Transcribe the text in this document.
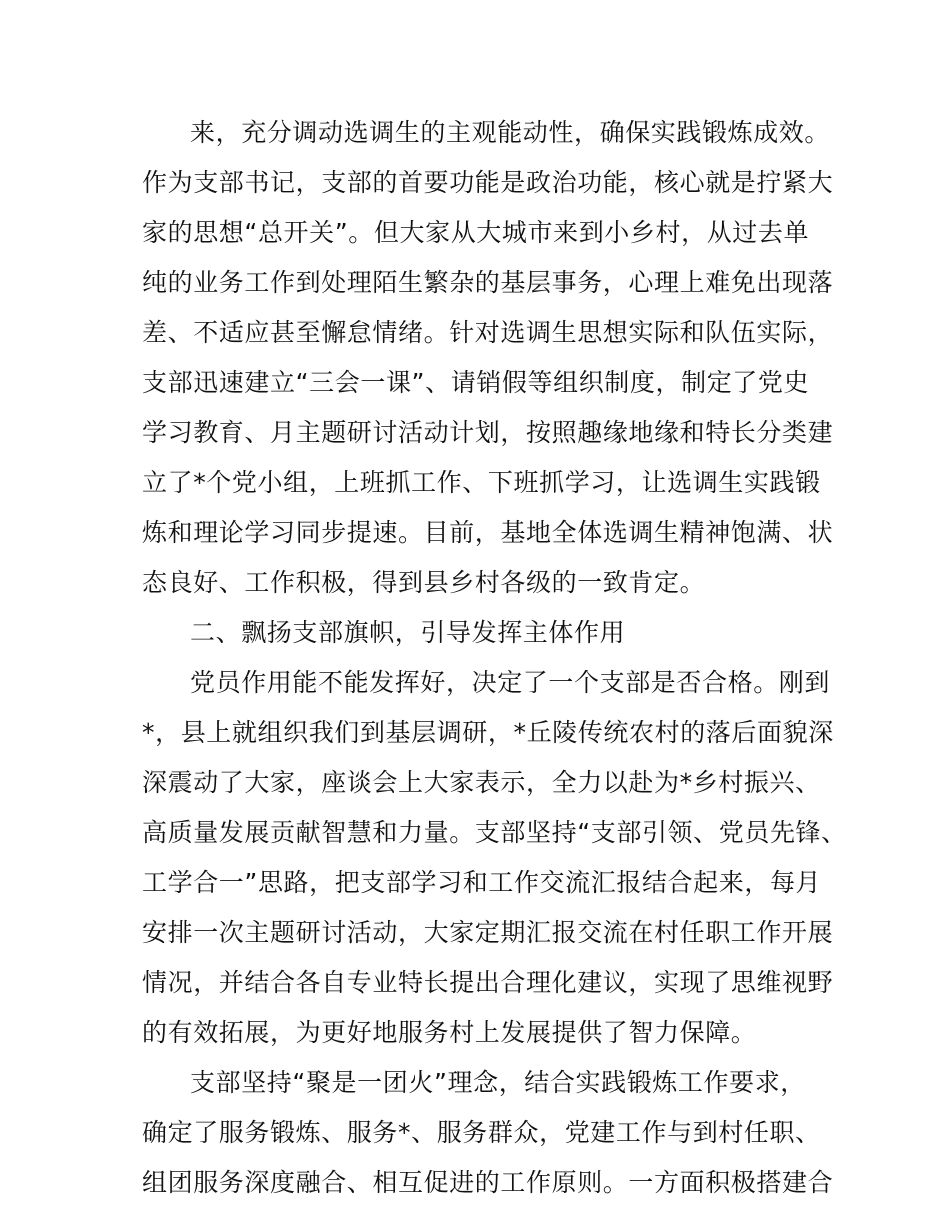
来，充分调动选调生的主观能动性，确保实践锻炼成效。
作为支部书记，支部的首要功能是政治功能，核心就是拧紧大
家的思想“总开关”。但大家从大城市来到小乡村，从过去单
纯的业务工作到处理陌生繁杂的基层事务，心理上难免出现落
差、不适应甚至懈怠情绪。针对选调生思想实际和队伍实际，
支部迅速建立“三会一课”、请销假等组织制度，制定了党史
学习教育、月主题研讨活动计划，按照趣缘地缘和特长分类建
立了*个党小组，上班抓工作、下班抓学习，让选调生实践锻
炼和理论学习同步提速。目前，基地全体选调生精神饱满、状
态良好、工作积极，得到县乡村各级的一致肯定。
二、飘扬支部旗帜，引导发挥主体作用
党员作用能不能发挥好，决定了一个支部是否合格。刚到
*，县上就组织我们到基层调研，*丘陵传统农村的落后面貌深
深震动了大家，座谈会上大家表示，全力以赴为*乡村振兴、
高质量发展贡献智慧和力量。支部坚持“支部引领、党员先锋、
工学合一”思路，把支部学习和工作交流汇报结合起来，每月
安排一次主题研讨活动，大家定期汇报交流在村任职工作开展
情况，并结合各自专业特长提出合理化建议，实现了思维视野
的有效拓展，为更好地服务村上发展提供了智力保障。
支部坚持“聚是一团火”理念，结合实践锻炼工作要求，
确定了服务锻炼、服务*、服务群众，党建工作与到村任职、
组团服务深度融合、相互促进的工作原则。一方面积极搭建合
